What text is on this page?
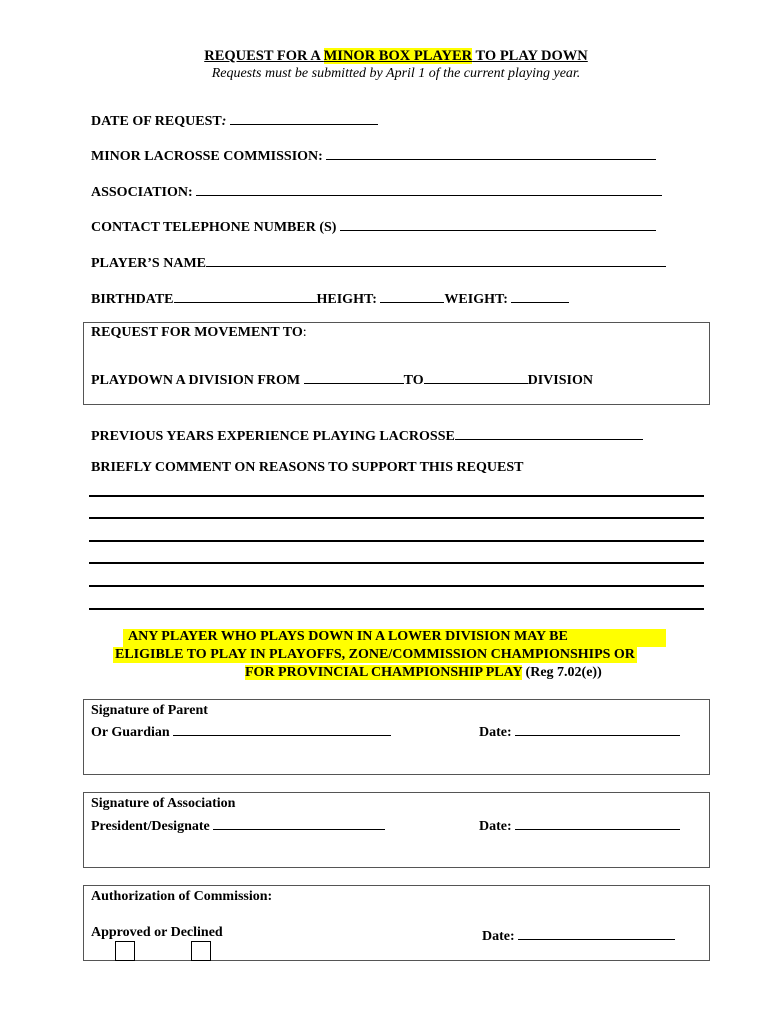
REQUEST FOR A MINOR BOX PLAYER TO PLAY DOWN
Requests must be submitted by April 1 of the current playing year.
DATE OF REQUEST:
MINOR LACROSSE COMMISSION:
ASSOCIATION:
CONTACT TELEPHONE NUMBER (S)
PLAYER’S NAME
BIRTHDATE	HEIGHT:	WEIGHT:
REQUEST FOR MOVEMENT TO:
PLAYDOWN A DIVISION FROM	TO	DIVISION
PREVIOUS YEARS EXPERIENCE PLAYING LACROSSE
BRIEFLY COMMENT ON REASONS TO SUPPORT THIS REQUEST
ANY PLAYER WHO PLAYS DOWN IN A LOWER DIVISION MAY BE
ELIGIBLE TO PLAY IN PLAYOFFS, ZONE/COMMISSION CHAMPIONSHIPS OR
FOR PROVINCIAL CHAMPIONSHIP PLAY (Reg 7.02(e))
Signature of Parent
Or Guardian	Date:
Signature of Association
President/Designate	Date:
Authorization of Commission:
Approved or Declined	Date:
